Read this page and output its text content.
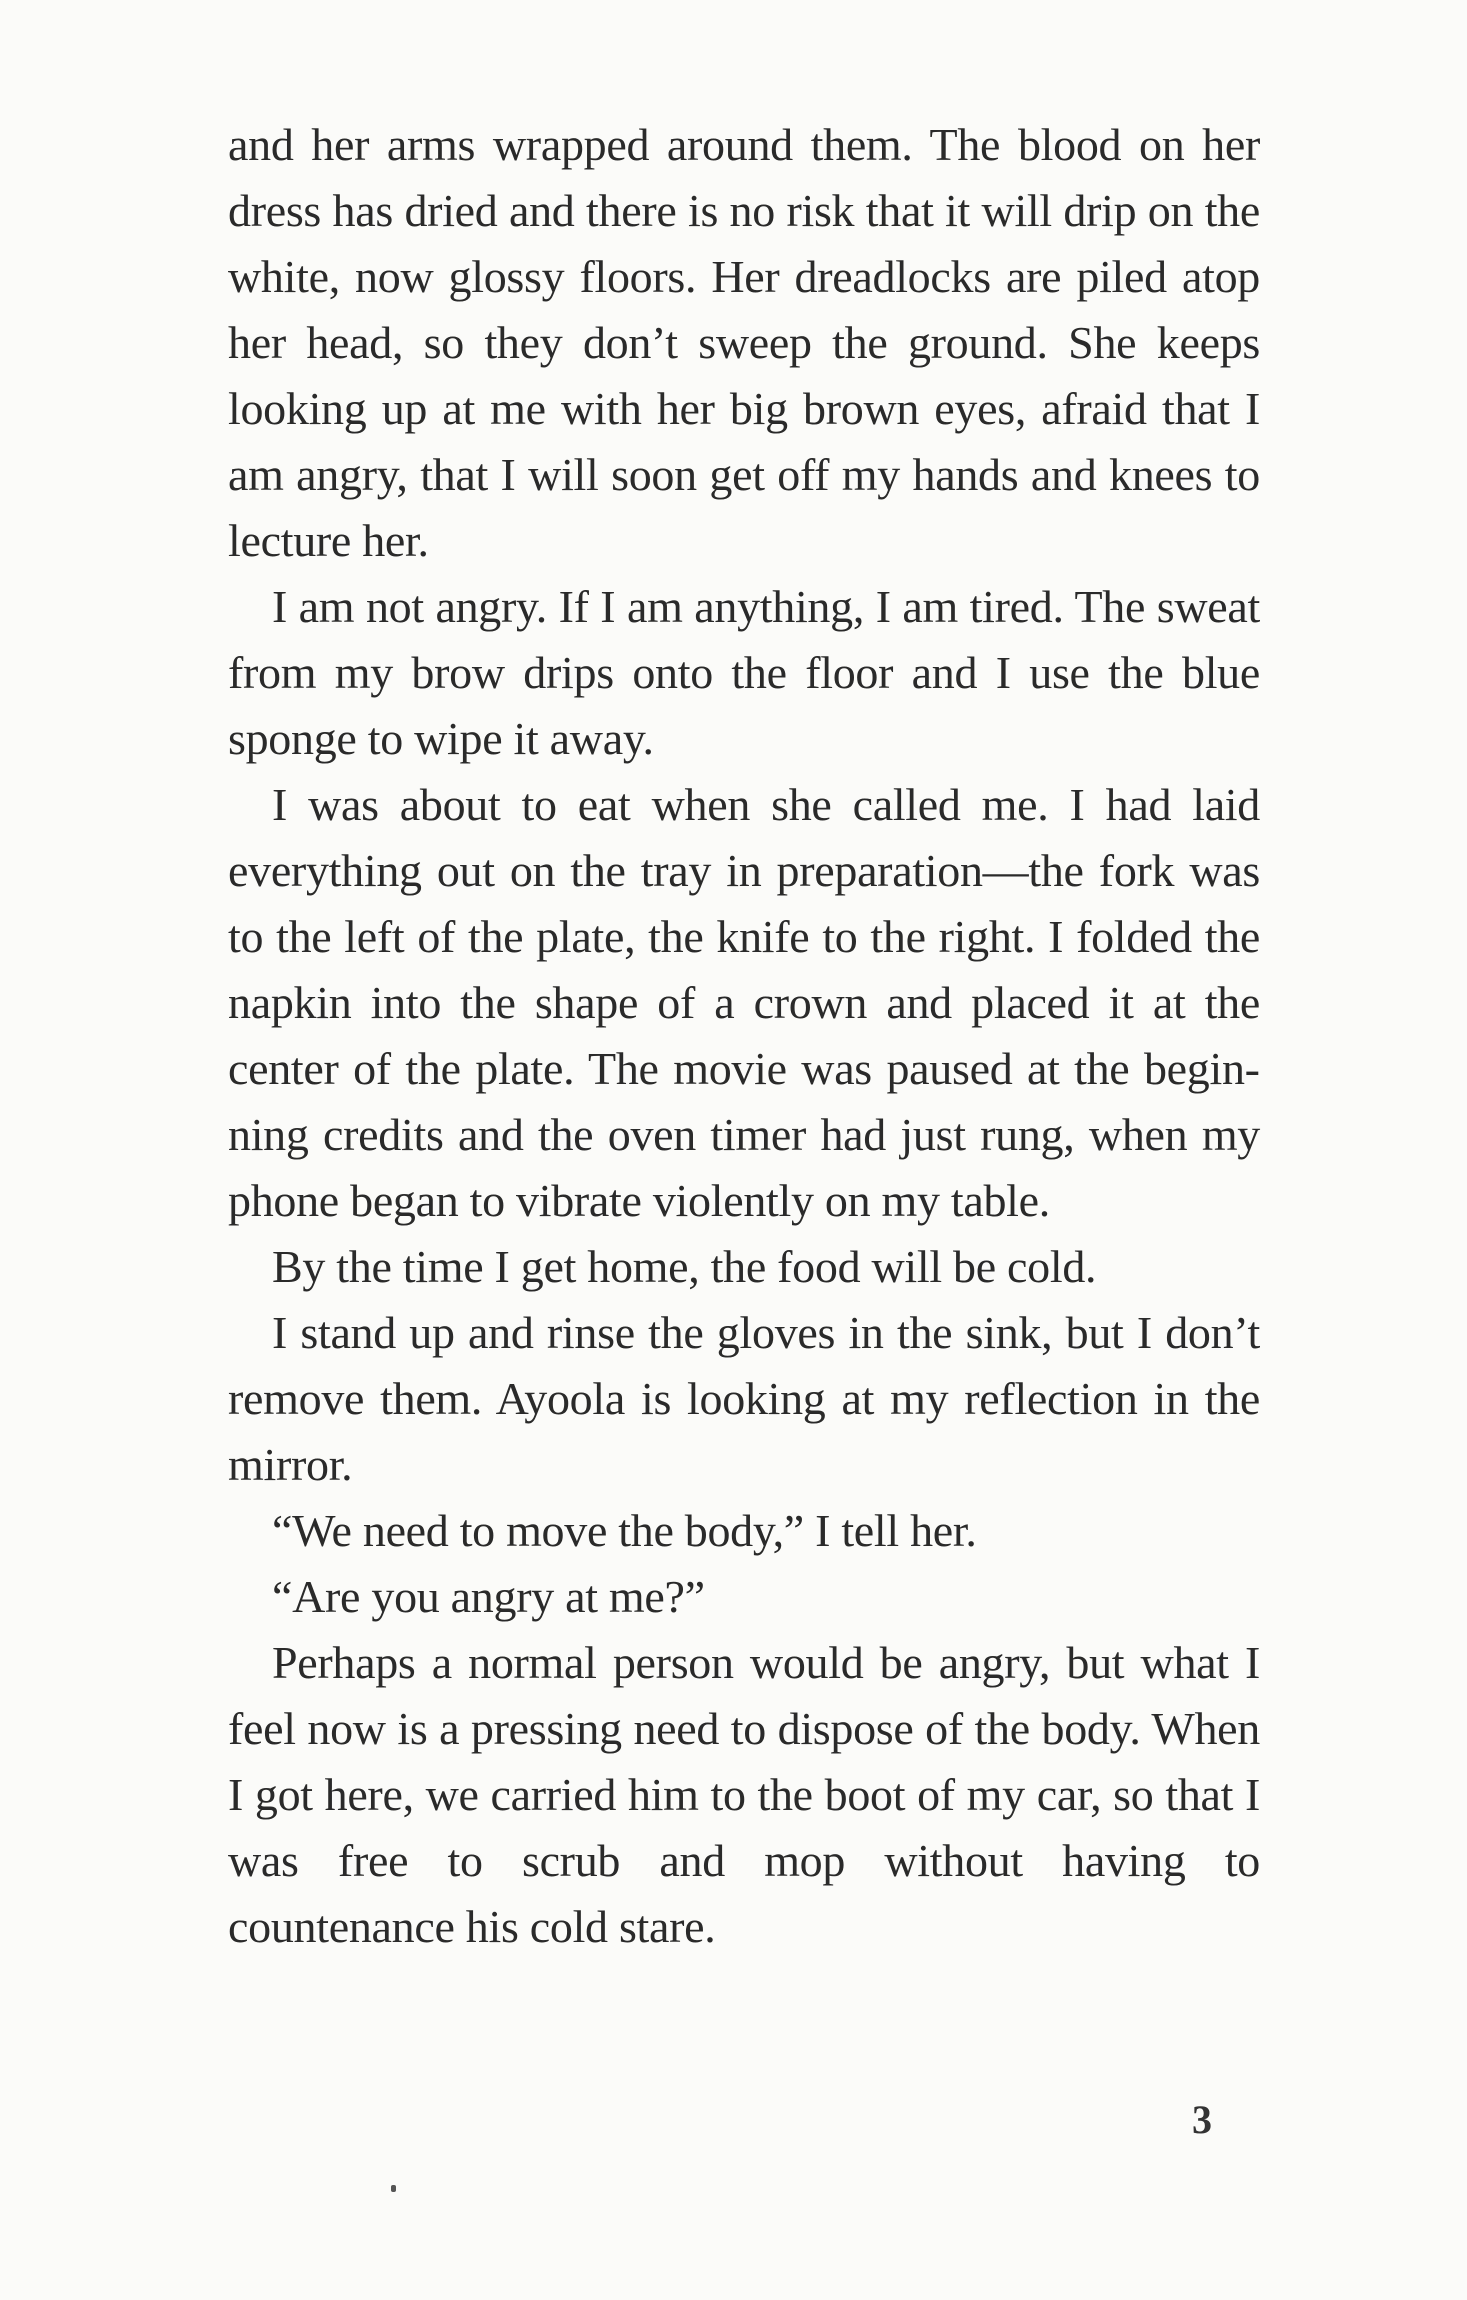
and her arms wrapped around them. The blood on her dress has dried and there is no risk that it will drip on the white, now glossy floors. Her dreadlocks are piled atop her head, so they don’t sweep the ground. She keeps looking up at me with her big brown eyes, afraid that I am angry, that I will soon get off my hands and knees to lecture her.

I am not angry. If I am anything, I am tired. The sweat from my brow drips onto the floor and I use the blue sponge to wipe it away.

I was about to eat when she called me. I had laid everything out on the tray in preparation—the fork was to the left of the plate, the knife to the right. I folded the napkin into the shape of a crown and placed it at the center of the plate. The movie was paused at the beginning credits and the oven timer had just rung, when my phone began to vibrate violently on my table.

By the time I get home, the food will be cold.

I stand up and rinse the gloves in the sink, but I don’t remove them. Ayoola is looking at my reflection in the mirror.

“We need to move the body,” I tell her.

“Are you angry at me?”

Perhaps a normal person would be angry, but what I feel now is a pressing need to dispose of the body. When I got here, we carried him to the boot of my car, so that I was free to scrub and mop without having to countenance his cold stare.

3
